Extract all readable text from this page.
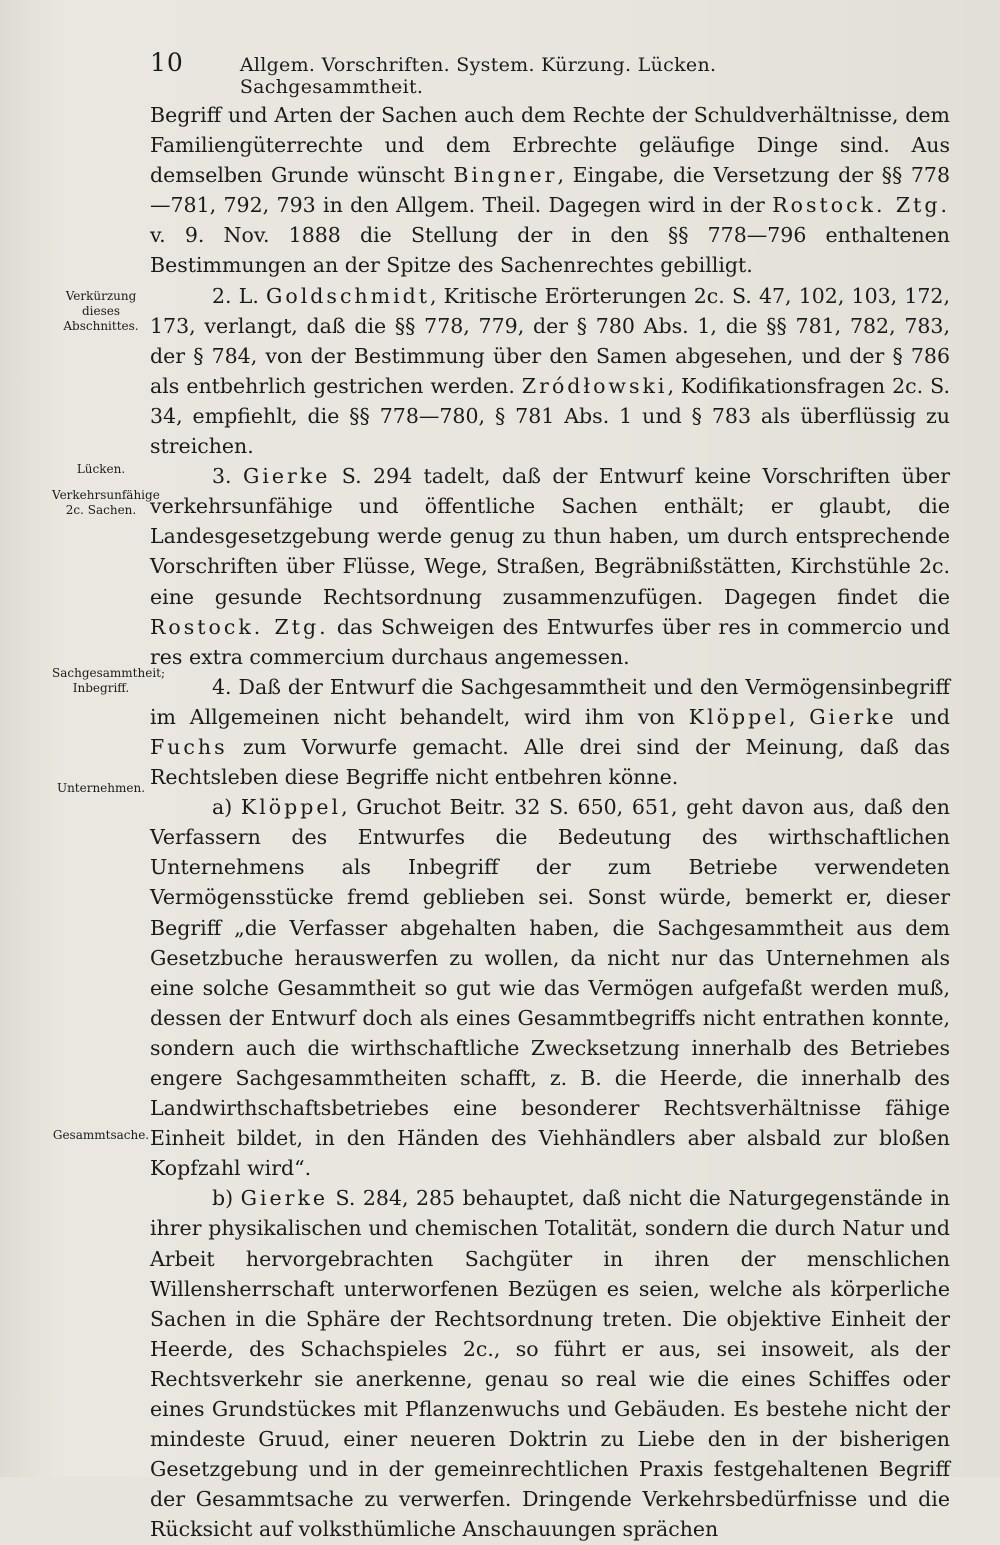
10	Allgem. Vorschriften. System. Kürzung. Lücken. Sachgesammtheit.
Verkürzung dieses Abschnittes.
Lücken.
Verkehrsunfähige 2c. Sachen.
Sachgesammtheit; Inbegriff.
Unternehmen.
Gesammtsache.

Begriff und Arten der Sachen auch dem Rechte der Schuldverhältnisse, dem Familiengüterrechte und dem Erbrechte geläufige Dinge sind. Aus demselben Grunde wünscht Bingner, Eingabe, die Versetzung der §§ 778—781, 792, 793 in den Allgem. Theil. Dagegen wird in der Rostock. Ztg. v. 9. Nov. 1888 die Stellung der in den §§ 778—796 enthaltenen Bestimmungen an der Spitze des Sachenrechtes gebilligt.

2. L. Goldschmidt, Kritische Erörterungen 2c. S. 47, 102, 103, 172, 173, verlangt, daß die §§ 778, 779, der § 780 Abs. 1, die §§ 781, 782, 783, der § 784, von der Bestimmung über den Samen abgesehen, und der § 786 als entbehrlich gestrichen werden. Zródłowski, Kodifikationsfragen 2c. S. 34, empfiehlt, die §§ 778—780, § 781 Abs. 1 und § 783 als überflüssig zu streichen.

3. Gierke S. 294 tadelt, daß der Entwurf keine Vorschriften über verkehrsunfähige und öffentliche Sachen enthält; er glaubt, die Landesgesetzgebung werde genug zu thun haben, um durch entsprechende Vorschriften über Flüsse, Wege, Straßen, Begräbnißstätten, Kirchstühle 2c. eine gesunde Rechtsordnung zusammenzufügen. Dagegen findet die Rostock. Ztg. das Schweigen des Entwurfes über res in commercio und res extra commercium durchaus angemessen.

4. Daß der Entwurf die Sachgesammtheit und den Vermögensinbegriff im Allgemeinen nicht behandelt, wird ihm von Klöppel, Gierke und Fuchs zum Vorwurfe gemacht. Alle drei sind der Meinung, daß das Rechtsleben diese Begriffe nicht entbehren könne.

a) Klöppel, Gruchot Beitr. 32 S. 650, 651, geht davon aus, daß den Verfassern des Entwurfes die Bedeutung des wirthschaftlichen Unternehmens als Inbegriff der zum Betriebe verwendeten Vermögensstücke fremd geblieben sei. Sonst würde, bemerkt er, dieser Begriff „die Verfasser abgehalten haben, die Sachgesammtheit aus dem Gesetzbuche herauswerfen zu wollen, da nicht nur das Unternehmen als eine solche Gesammtheit so gut wie das Vermögen aufgefaßt werden muß, dessen der Entwurf doch als eines Gesammtbegriffs nicht entrathen konnte, sondern auch die wirthschaftliche Zwecksetzung innerhalb des Betriebes engere Sachgesammtheiten schafft, z. B. die Heerde, die innerhalb des Landwirthschaftsbetriebes eine besonderer Rechtsverhältnisse fähige Einheit bildet, in den Händen des Viehhändlers aber alsbald zur bloßen Kopfzahl wird“.

b) Gierke S. 284, 285 behauptet, daß nicht die Naturgegenstände in ihrer physikalischen und chemischen Totalität, sondern die durch Natur und Arbeit hervorgebrachten Sachgüter in ihren der menschlichen Willensherrschaft unterworfenen Bezügen es seien, welche als körperliche Sachen in die Sphäre der Rechtsordnung treten. Die objektive Einheit der Heerde, des Schachspieles 2c., so führt er aus, sei insoweit, als der Rechtsverkehr sie anerkenne, genau so real wie die eines Schiffes oder eines Grundstückes mit Pflanzenwuchs und Gebäuden. Es bestehe nicht der mindeste Gruud, einer neueren Doktrin zu Liebe den in der bisherigen Gesetzgebung und in der gemeinrechtlichen Praxis festgehaltenen Begriff der Gesammtsache zu verwerfen. Dringende Verkehrsbedürfnisse und die Rücksicht auf volksthümliche Anschauungen sprächen
